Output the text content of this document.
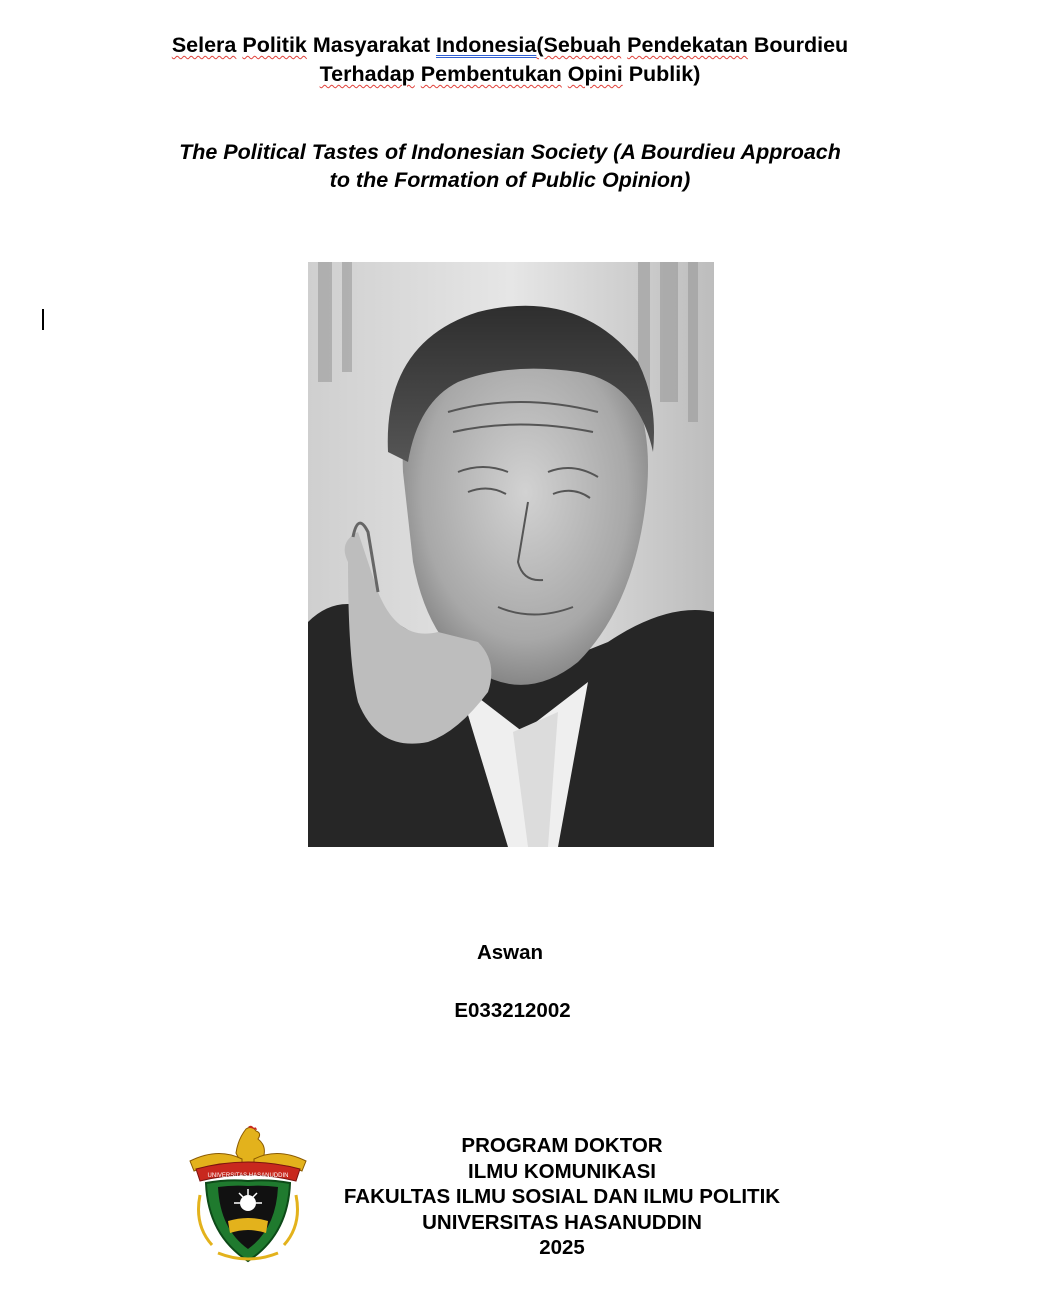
Selera Politik Masyarakat Indonesia(Sebuah Pendekatan Bourdieu
Terhadap Pembentukan Opini Publik)
The Political Tastes of Indonesian Society (A Bourdieu Approach
to the Formation of Public Opinion)
Aswan
E033212002
UNIVERSITAS HASANUDDIN
PROGRAM DOKTOR
ILMU KOMUNIKASI
FAKULTAS ILMU SOSIAL DAN ILMU POLITIK
UNIVERSITAS HASANUDDIN
2025
